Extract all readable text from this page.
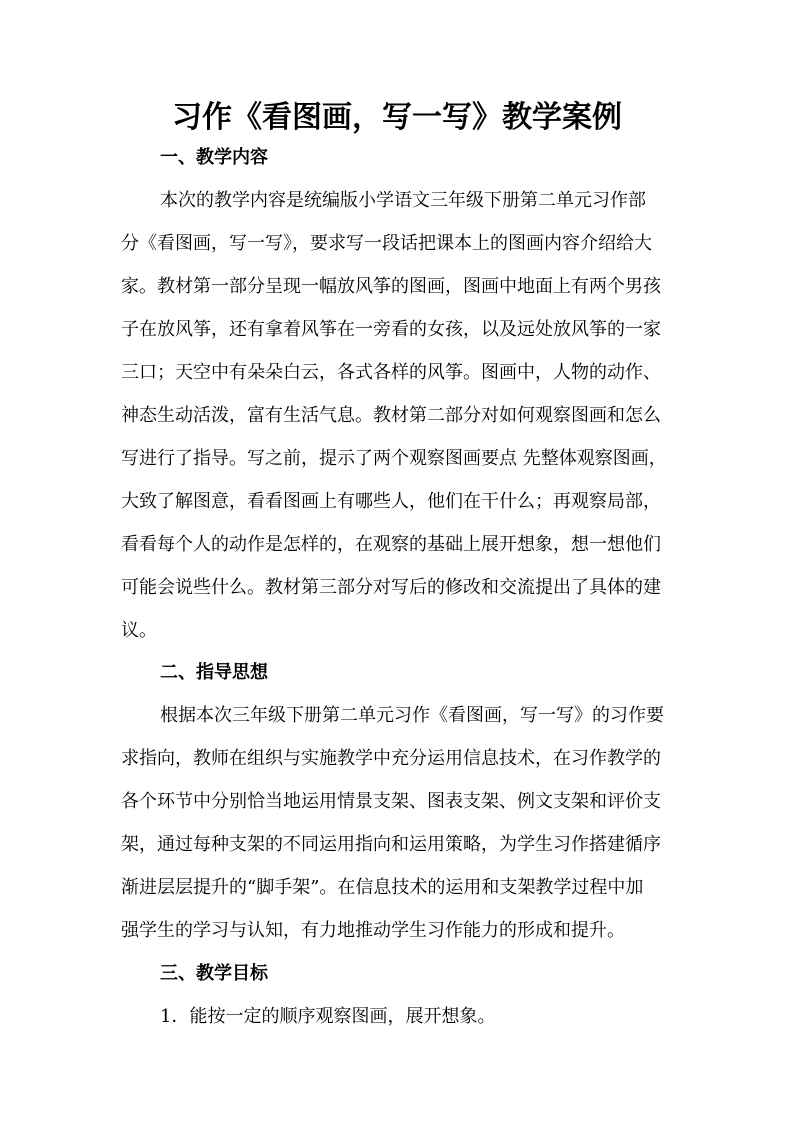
习作《看图画，写一写》教学案例
一、教学内容
本次的教学内容是统编版小学语文三年级下册第二单元习作部
分《看图画，写一写》，要求写一段话把课本上的图画内容介绍给大
家。教材第一部分呈现一幅放风筝的图画，图画中地面上有两个男孩
子在放风筝，还有拿着风筝在一旁看的女孩，以及远处放风筝的一家
三口；天空中有朵朵白云，各式各样的风筝。图画中，人物的动作、
神态生动活泼，富有生活气息。教材第二部分对如何观察图画和怎么
写进行了指导。写之前，提示了两个观察图画要点 先整体观察图画，
大致了解图意，看看图画上有哪些人，他们在干什么；再观察局部，
看看每个人的动作是怎样的，在观察的基础上展开想象，想一想他们
可能会说些什么。教材第三部分对写后的修改和交流提出了具体的建
议。
二、指导思想
根据本次三年级下册第二单元习作《看图画，写一写》的习作要
求指向，教师在组织与实施教学中充分运用信息技术，在习作教学的
各个环节中分别恰当地运用情景支架、图表支架、例文支架和评价支
架，通过每种支架的不同运用指向和运用策略，为学生习作搭建循序
渐进层层提升的“脚手架”。在信息技术的运用和支架教学过程中加
强学生的学习与认知，有力地推动学生习作能力的形成和提升。
三、教学目标
1．能按一定的顺序观察图画，展开想象。
